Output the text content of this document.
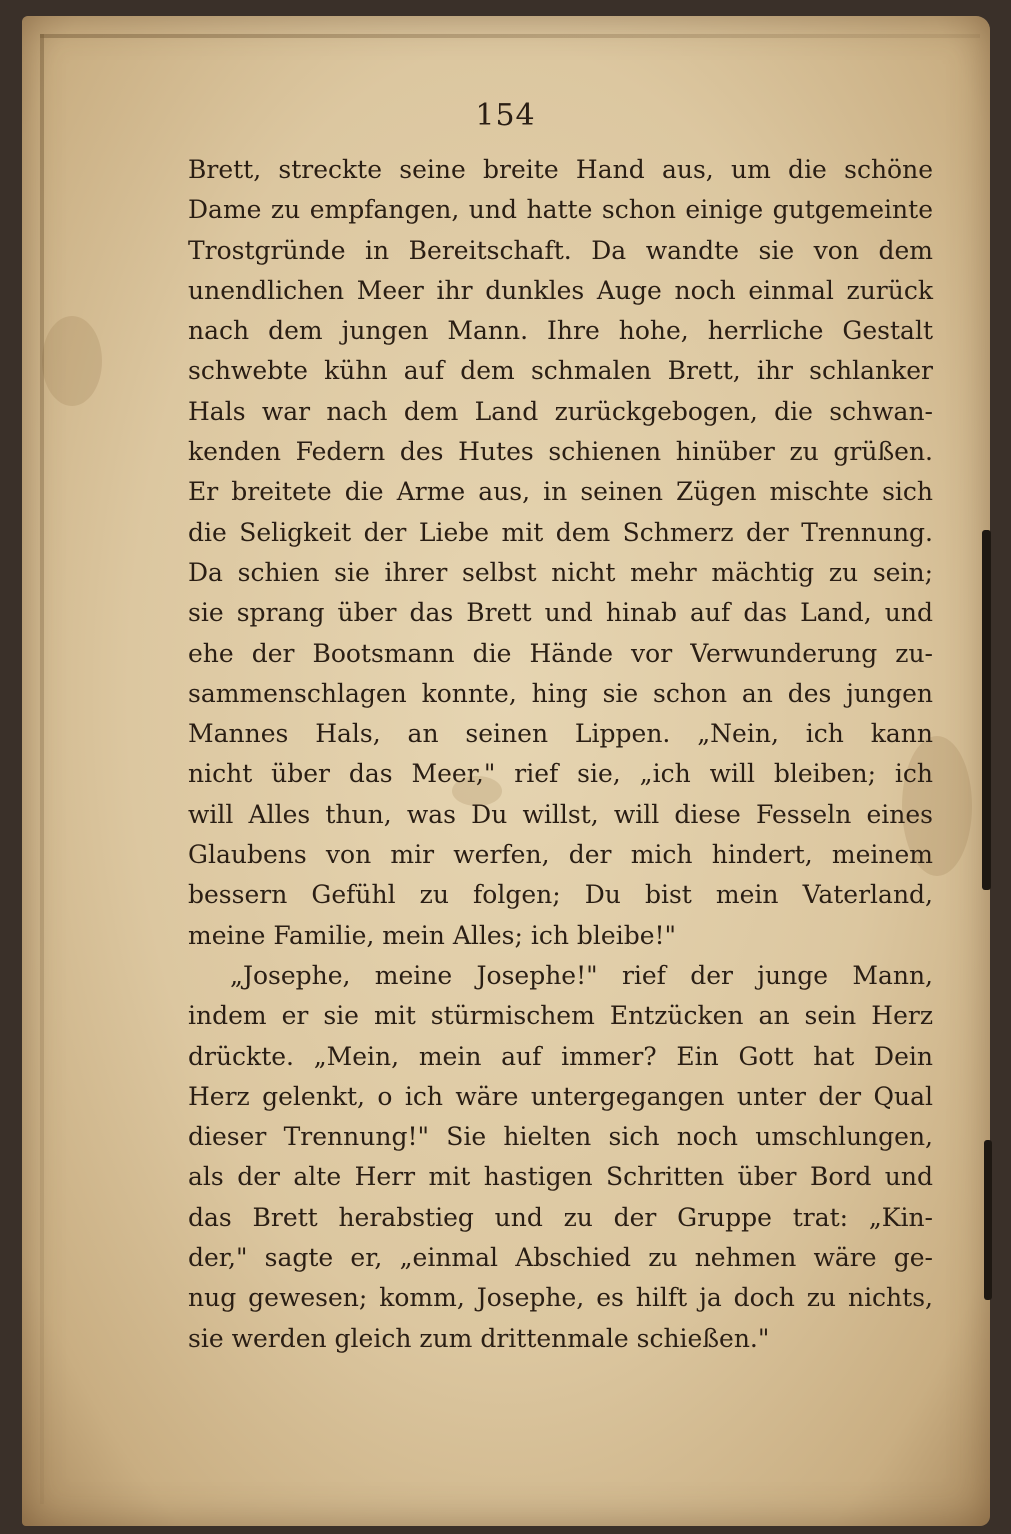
154
Brett, streckte seine breite Hand aus, um die schöne
Dame zu empfangen, und hatte schon einige gutgemeinte
Trostgründe in Bereitschaft. Da wandte sie von dem
unendlichen Meer ihr dunkles Auge noch einmal zurück
nach dem jungen Mann. Ihre hohe, herrliche Gestalt
schwebte kühn auf dem schmalen Brett, ihr schlanker
Hals war nach dem Land zurückgebogen, die schwan-
kenden Federn des Hutes schienen hinüber zu grüßen.
Er breitete die Arme aus, in seinen Zügen mischte sich
die Seligkeit der Liebe mit dem Schmerz der Trennung.
Da schien sie ihrer selbst nicht mehr mächtig zu sein;
sie sprang über das Brett und hinab auf das Land, und
ehe der Bootsmann die Hände vor Verwunderung zu-
sammenschlagen konnte, hing sie schon an des jungen
Mannes Hals, an seinen Lippen. „Nein, ich kann
nicht über das Meer," rief sie, „ich will bleiben; ich
will Alles thun, was Du willst, will diese Fesseln eines
Glaubens von mir werfen, der mich hindert, meinem
bessern Gefühl zu folgen; Du bist mein Vaterland,
meine Familie, mein Alles; ich bleibe!"
„Josephe, meine Josephe!" rief der junge Mann,
indem er sie mit stürmischem Entzücken an sein Herz
drückte. „Mein, mein auf immer? Ein Gott hat Dein
Herz gelenkt, o ich wäre untergegangen unter der Qual
dieser Trennung!" Sie hielten sich noch umschlungen,
als der alte Herr mit hastigen Schritten über Bord und
das Brett herabstieg und zu der Gruppe trat: „Kin-
der," sagte er, „einmal Abschied zu nehmen wäre ge-
nug gewesen; komm, Josephe, es hilft ja doch zu nichts,
sie werden gleich zum drittenmale schießen."
